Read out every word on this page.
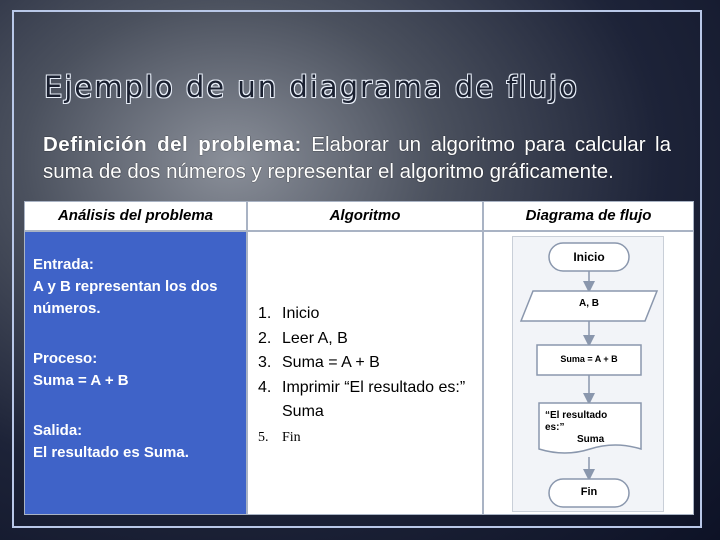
Ejemplo de un diagrama de flujo

Definición del problema: Elaborar un algoritmo para calcular la suma de dos números y representar el algoritmo gráficamente.

Análisis del problema	Algoritmo	Diagrama de flujo

Entrada:

A y B representan los dos números.

Proceso:

Suma = A + B

Salida:

El resultado es Suma.

1. Inicio
2. Leer A, B
3. Suma = A + B
4. Imprimir “El resultado es:” Suma
5. Fin
Inicio
A, B
Suma = A + B
“El resultado
es:”
Suma
Fin
